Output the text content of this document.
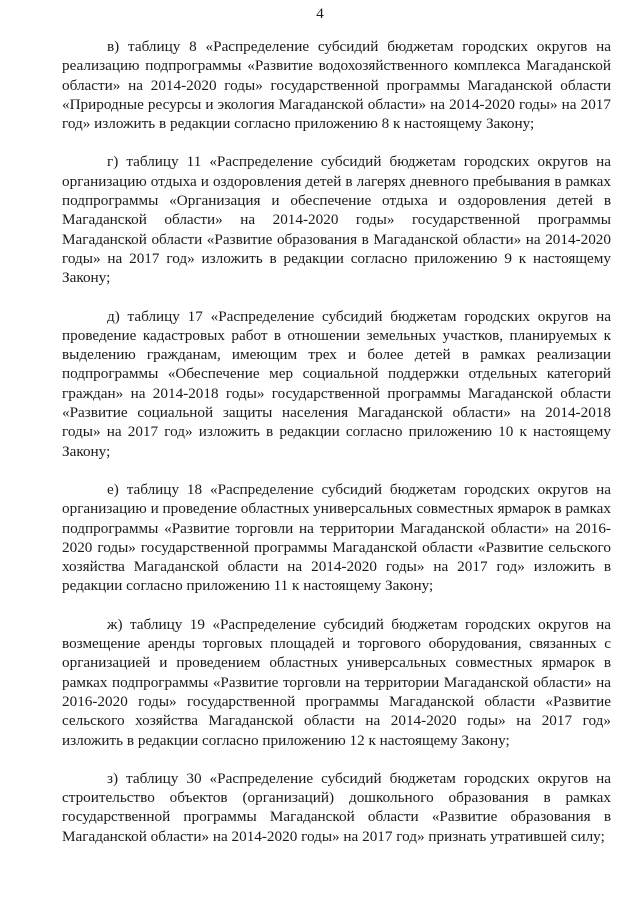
4

в) таблицу 8 «Распределение субсидий бюджетам городских округов на реализацию подпрограммы «Развитие водохозяйственного комплекса Магаданской области» на 2014-2020 годы» государственной программы Магаданской области «Природные ресурсы и экология Магаданской области» на 2014-2020 годы» на 2017 год» изложить в редакции согласно приложению 8 к настоящему Закону;

г) таблицу 11 «Распределение субсидий бюджетам городских округов на организацию отдыха и оздоровления детей в лагерях дневного пребывания в рамках подпрограммы «Организация и обеспечение отдыха и оздоровления детей в Магаданской области» на 2014-2020 годы» государственной программы Магаданской области «Развитие образования в Магаданской области» на 2014-2020 годы» на 2017 год» изложить в редакции согласно приложению 9 к настоящему Закону;

д) таблицу 17 «Распределение субсидий бюджетам городских округов на проведение кадастровых работ в отношении земельных участков, планируемых к выделению гражданам, имеющим трех и более детей в рамках реализации подпрограммы «Обеспечение мер социальной поддержки отдельных категорий граждан» на 2014-2018 годы» государственной программы Магаданской области «Развитие социальной защиты населения Магаданской области» на 2014-2018 годы» на 2017 год» изложить в редакции согласно приложению 10 к настоящему Закону;

е) таблицу 18 «Распределение субсидий бюджетам городских округов на организацию и проведение областных универсальных совместных ярмарок в рамках подпрограммы «Развитие торговли на территории Магаданской области» на 2016-2020 годы» государственной программы Магаданской области «Развитие сельского хозяйства Магаданской области на 2014-2020 годы» на 2017 год» изложить в редакции согласно приложению 11 к настоящему Закону;

ж) таблицу 19 «Распределение субсидий бюджетам городских округов на возмещение аренды торговых площадей и торгового оборудования, связанных с организацией и проведением областных универсальных совместных ярмарок в рамках подпрограммы «Развитие торговли на территории Магаданской области» на 2016-2020 годы» государственной программы Магаданской области «Развитие сельского хозяйства Магаданской области на 2014-2020 годы» на 2017 год» изложить в редакции согласно приложению 12 к настоящему Закону;

з) таблицу 30 «Распределение субсидий бюджетам городских округов на строительство объектов (организаций) дошкольного образования в рамках государственной программы Магаданской области «Развитие образования в Магаданской области» на 2014-2020 годы» на 2017 год» признать утратившей силу;
